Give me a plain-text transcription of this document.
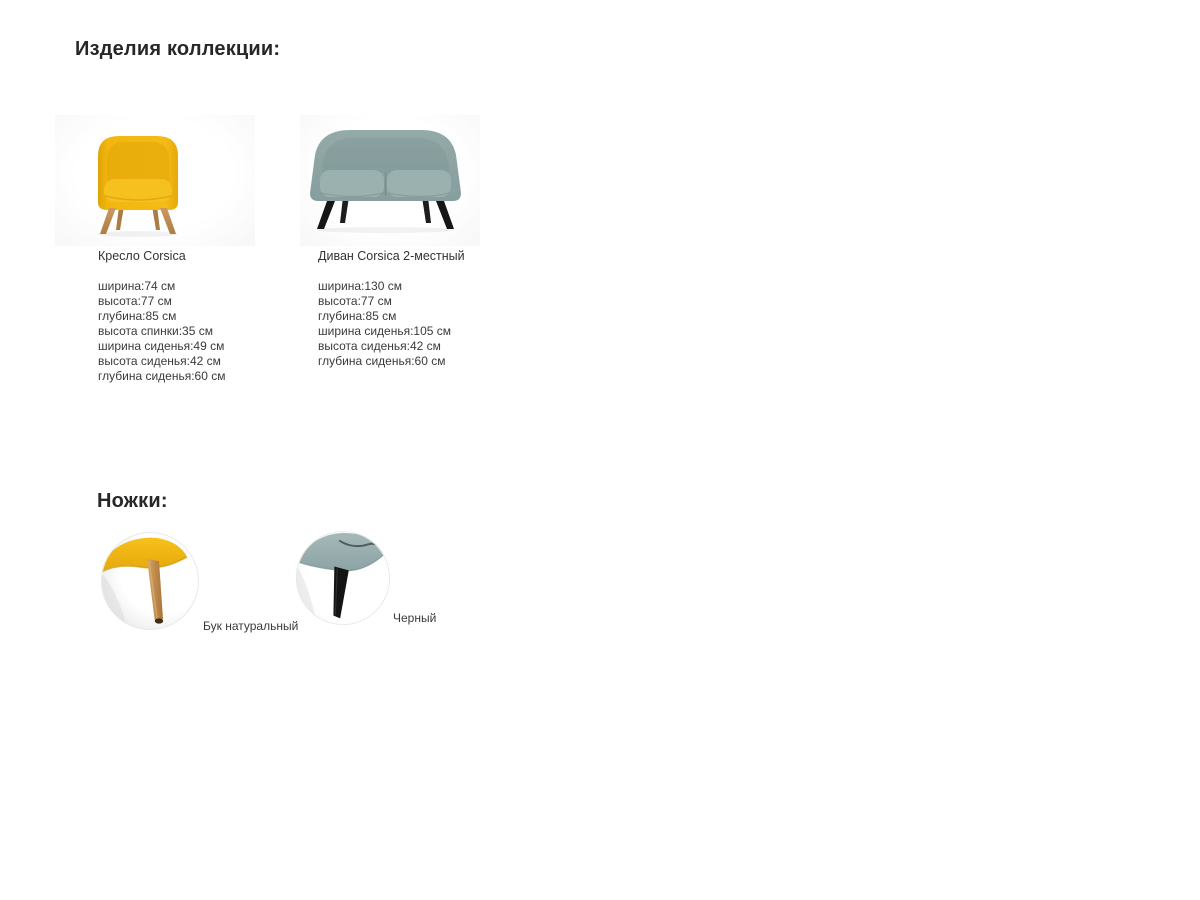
Изделия коллекции:
Кресло Corsica
ширина:74 см
высота:77 см
глубина:85 см
высота спинки:35 см
ширина сиденья:49 см
высота сиденья:42 см
глубина сиденья:60 см
Диван Corsica 2-местный
ширина:130 см
высота:77 см
глубина:85 см
ширина сиденья:105 см
высота сиденья:42 см
глубина сиденья:60 см
Ножки:
Бук натуральный
Черный
